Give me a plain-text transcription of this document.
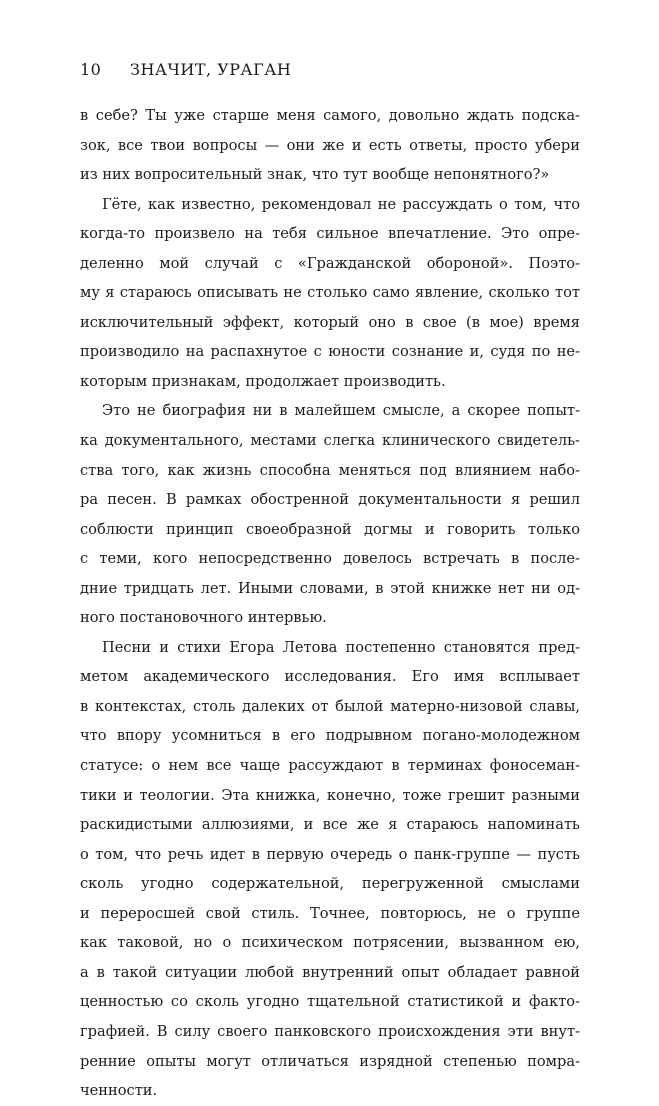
10 ЗНАЧИТ, УРАГАН
в себе? Ты уже старше меня самого, довольно ждать подска-
зок, все твои вопросы — они же и есть ответы, просто убери
из них вопросительный знак, что тут вообще непонятного?»
Гёте, как известно, рекомендовал не рассуждать о том, что
когда-то произвело на тебя сильное впечатление. Это опре-
деленно мой случай с «Гражданской обороной». Поэто-
му я стараюсь описывать не столько само явление, сколько тот
исключительный эффект, который оно в свое (в мое) время
производило на распахнутое с юности сознание и, судя по не-
которым признакам, продолжает производить.
Это не биография ни в малейшем смысле, а скорее попыт-
ка документального, местами слегка клинического свидетель-
ства того, как жизнь способна меняться под влиянием набо-
ра песен. В рамках обостренной документальности я решил
соблюсти принцип своеобразной догмы и говорить только
с теми, кого непосредственно довелось встречать в после-
дние тридцать лет. Иными словами, в этой книжке нет ни од-
ного постановочного интервью.
Песни и стихи Егора Летова постепенно становятся пред-
метом академического исследования. Его имя всплывает
в контекстах, столь далеких от былой матерно-низовой славы,
что впору усомниться в его подрывном погано-молодежном
статусе: о нем все чаще рассуждают в терминах фоносеман-
тики и теологии. Эта книжка, конечно, тоже грешит разными
раскидистыми аллюзиями, и все же я стараюсь напоминать
о том, что речь идет в первую очередь о панк-группе — пусть
сколь угодно содержательной, перегруженной смыслами
и переросшей свой стиль. Точнее, повторюсь, не о группе
как таковой, но о психическом потрясении, вызванном ею,
а в такой ситуации любой внутренний опыт обладает равной
ценностью со сколь угодно тщательной статистикой и факто-
графией. В силу своего панковского происхождения эти внут-
ренние опыты могут отличаться изрядной степенью помра-
ченности.
